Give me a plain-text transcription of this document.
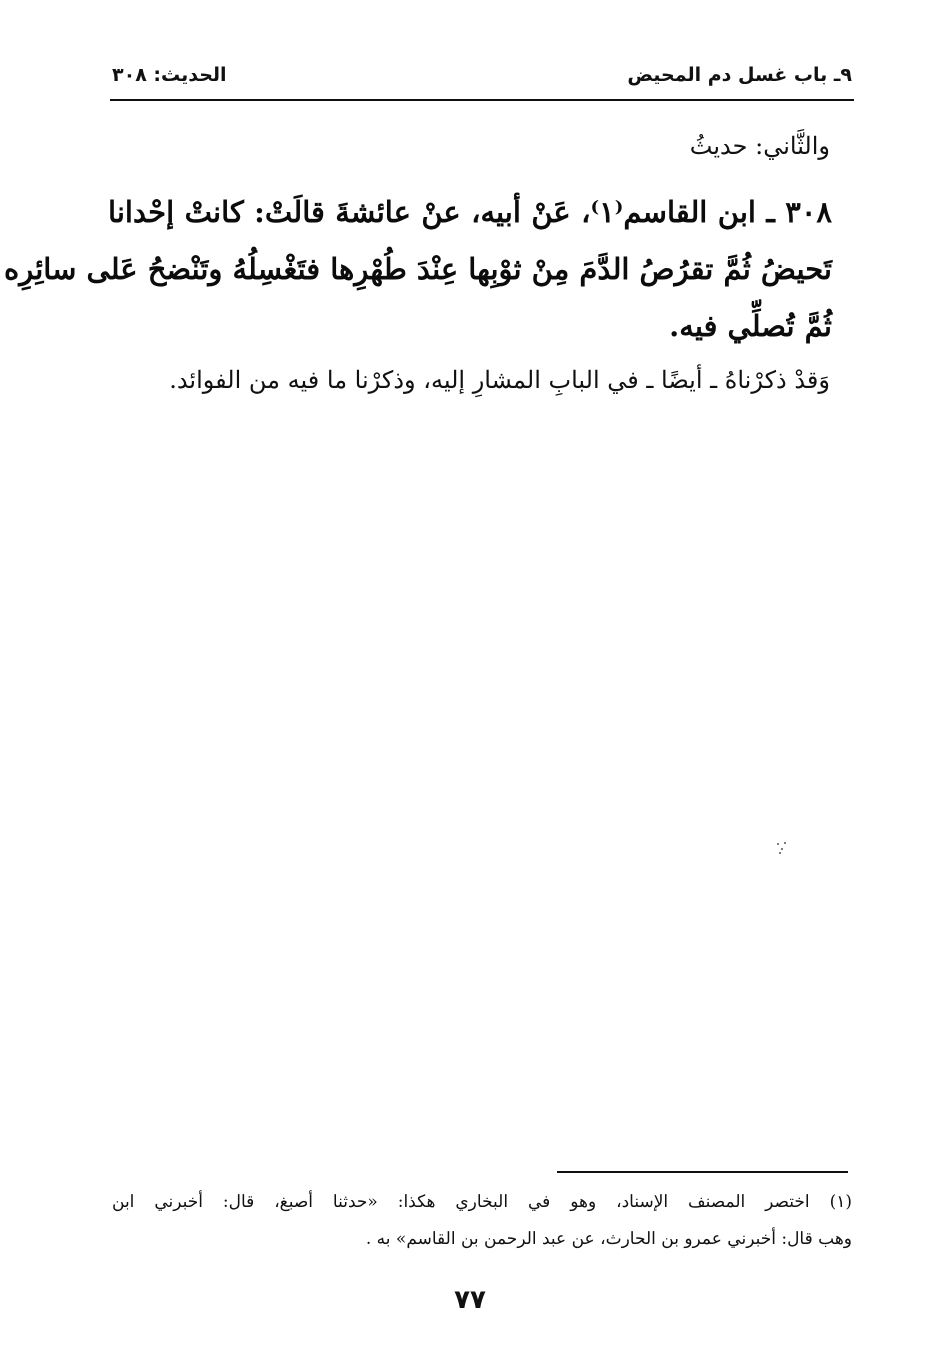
٩ـ باب غسل دم المحيض
الحديث: ٣٠٨
والثَّاني: حديثُ
٣٠٨ ـ ابن القاسم⁽١⁾، عَنْ أبيه، عنْ عائشةَ قالَتْ: كانتْ إحْدانا
تَحيضُ ثُمَّ تقرُصُ الدَّمَ مِنْ ثوْبِها عِنْدَ طُهْرِها فتَغْسِلُهُ وتَنْضحُ عَلى سائِرِه
ثُمَّ تُصلِّي فيه.
وَقدْ ذكرْناهُ ـ أيضًا ـ في البابِ المشارِ إليه، وذكرْنا ما فيه من الفوائد.
(١) اختصر المصنف الإسناد، وهو في البخاري هكذا: «حدثنا أصبغ، قال: أخبرني ابن
وهب قال: أخبرني عمرو بن الحارث، عن عبد الرحمن بن القاسم» به .
٧٧
